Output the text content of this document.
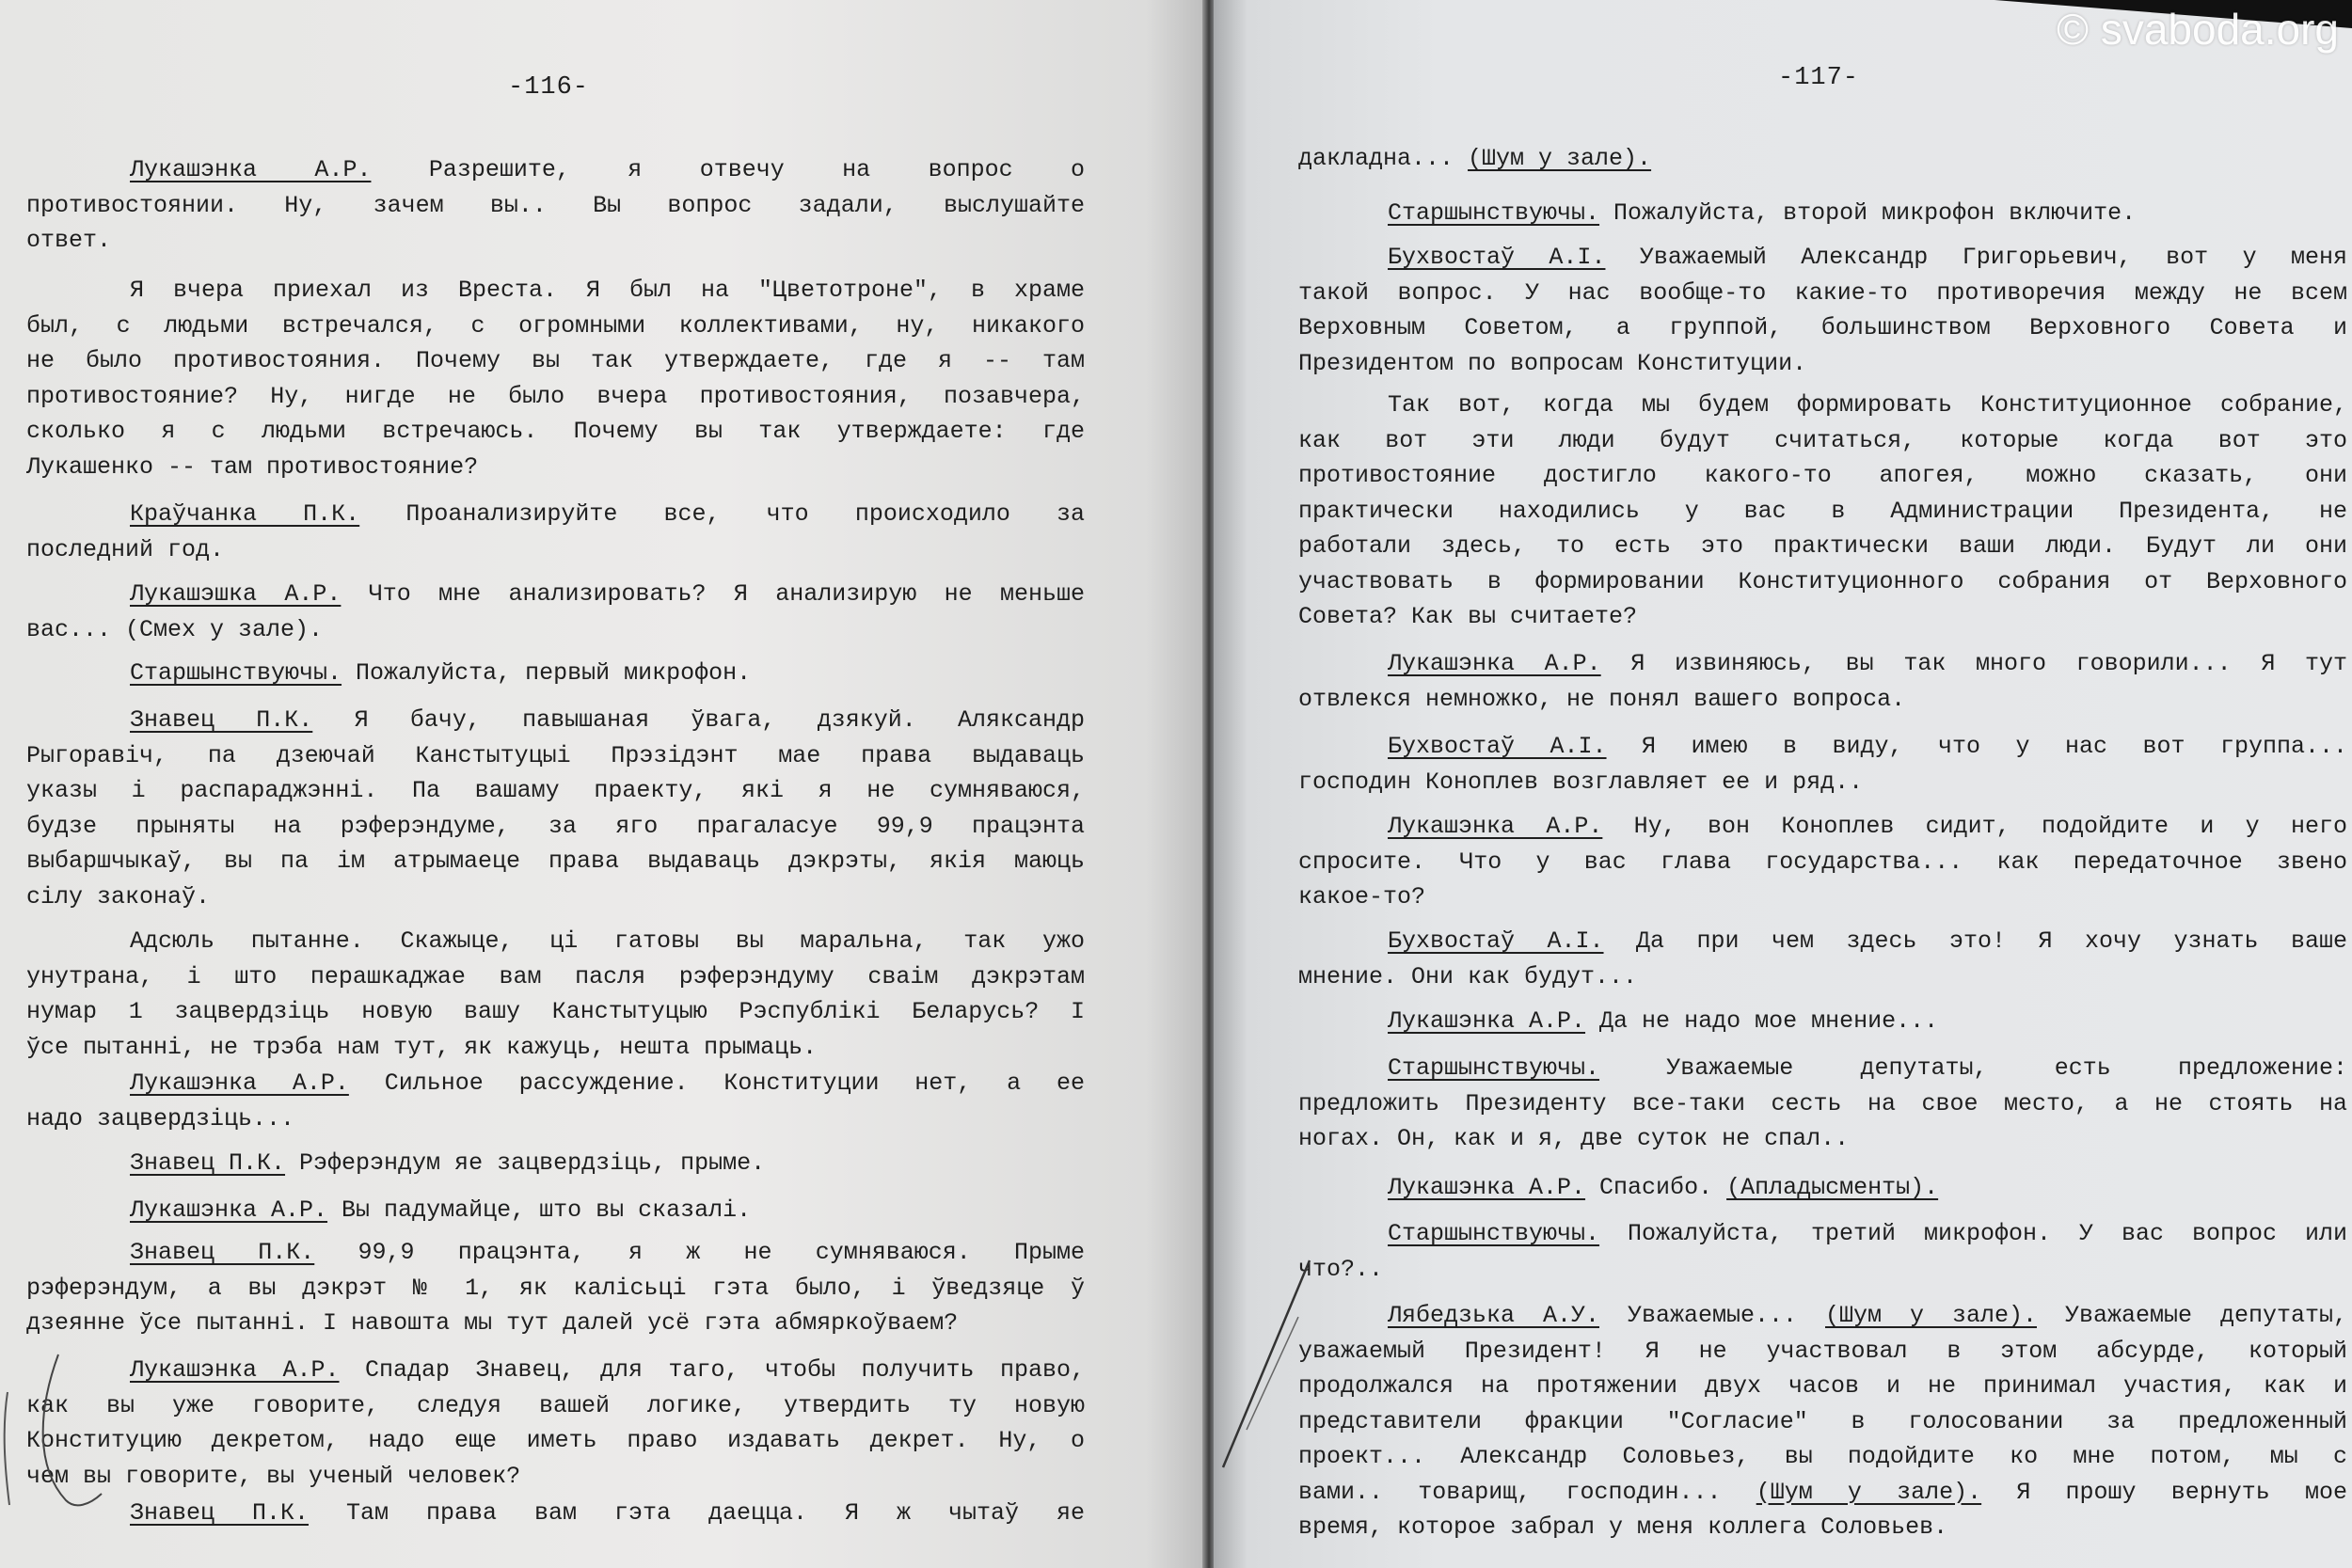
-116-
Лукашэнка А.Р. Разрешите, я отвечу на вопрос о
противостоянии. Ну, зачем вы.. Вы вопрос задали, выслушайте
ответ.
Я вчера приехал из Вреста. Я был на "Цветотроне", в храме
был, с людьми встречался, с огромными коллективами, ну, никакого
не было противостояния. Почему вы так утверждаете, где я -- там
противостояние? Ну, нигде не было вчера противостояния, позавчера,
сколько я с людьми встречаюсь. Почему вы так утверждаете: где
Лукашенко -- там противостояние?
Краўчанка П.К. Проанализируйте все, что происходило за
последний год.
Лукашэшка А.Р. Что мне анализировать? Я анализирую не меньше
вас... (Смех у зале).
Старшынствуючы. Пожалуйста, первый микрофон.
Знавец П.К. Я бачу, павышаная ўвага, дзякуй. Аляксандр
Рыгоравіч, па дзеючай Канстытуцыі Прэзідэнт мае права выдаваць
указы і распараджэнні. Па вашаму праекту, які я не сумняваюся,
будзе прыняты на рэферэндуме, за яго прагаласуе 99,9 працэнта
выбаршчыкаў, вы па ім атрымаеце права выдаваць дэкрэты, якія маюць
сілу законаў.
Адсюль пытанне. Скажыце, ці гатовы вы маральна, так ужо
унутрана, і што перашкаджае вам пасля рэферэндуму сваім дэкрэтам
нумар 1 зацвердзіць новую вашу Канстытуцыю Рэспублікі Беларусь? І
ўсе пытанні, не трэба нам тут, як кажуць, нешта прымаць.
Лукашэнка А.Р. Сильное рассуждение. Конституции нет, а ее
надо зацвердзіць...
Знавец П.К. Рэферэндум яе зацвердзіць, прыме.
Лукашэнка А.Р. Вы падумайце, што вы сказалі.
Знавец П.К. 99,9 працэнта, я ж не сумняваюся. Прыме
рэферэндум, а вы дэкрэт № 1, як калісьці гэта было, і ўведзяце ў
дзеянне ўсе пытанні. І навошта мы тут далей усё гэта абмяркоўваем?
Лукашэнка А.Р. Спадар Знавец, для таго, чтобы получить право,
как вы уже говорите, следуя вашей логике, утвердить ту новую
Конституцию декретом, надо еще иметь право издавать декрет. Ну, о
чем вы говорите, вы ученый человек?
Знавец П.К. Там права вам гэта даецца. Я ж чытаў яе
-117-
дакладна... (Шум у зале).
Старшынствуючы. Пожалуйста, второй микрофон включите.
Бухвостаў А.І. Уважаемый Александр Григорьевич, вот у меня
такой вопрос. У нас вообще-то какие-то противоречия между не всем
Верховным Советом, а группой, большинством Верховного Совета и
Президентом по вопросам Конституции.
Так вот, когда мы будем формировать Конституционное собрание,
как вот эти люди будут считаться, которые когда вот это
противостояние достигло какого-то апогея, можно сказать, они
практически находились у вас в Администрации Президента, не
работали здесь, то есть это практически ваши люди. Будут ли они
участвовать в формировании Конституционного собрания от Верховного
Совета? Как вы считаете?
Лукашэнка А.Р. Я извиняюсь, вы так много говорили... Я тут
отвлекся немножко, не понял вашего вопроса.
Бухвостаў А.І. Я имею в виду, что у нас вот группа...
господин Коноплев возглавляет ее и ряд..
Лукашэнка А.Р. Ну, вон Коноплев сидит, подойдите и у него
спросите. Что у вас глава государства... как передаточное звено
какое-то?
Бухвостаў А.І. Да при чем здесь это! Я хочу узнать ваше
мнение. Они как будут...
Лукашэнка А.Р. Да не надо мое мнение...
Старшынствуючы. Уважаемые депутаты, есть предложение:
предложить Президенту все-таки сесть на свое место, а не стоять на
ногах. Он, как и я, две суток не спал..
Лукашэнка А.Р. Спасибо. (Апладысменты).
Старшынствуючы. Пожалуйста, третий микрофон. У вас вопрос или
что?..
Лябедзька А.У. Уважаемые... (Шум у зале). Уважаемые депутаты,
уважаемый Президент! Я не участвовал в этом абсурде, который
продолжался на протяжении двух часов и не принимал участия, как и
представители фракции "Согласие" в голосовании за предложенный
проект... Александр Соловьез, вы подойдите ко мне потом, мы с
вами.. товарищ, господин... (Шум у зале). Я прошу вернуть мое
время, которое забрал у меня коллега Соловьев.
© svaboda.org
